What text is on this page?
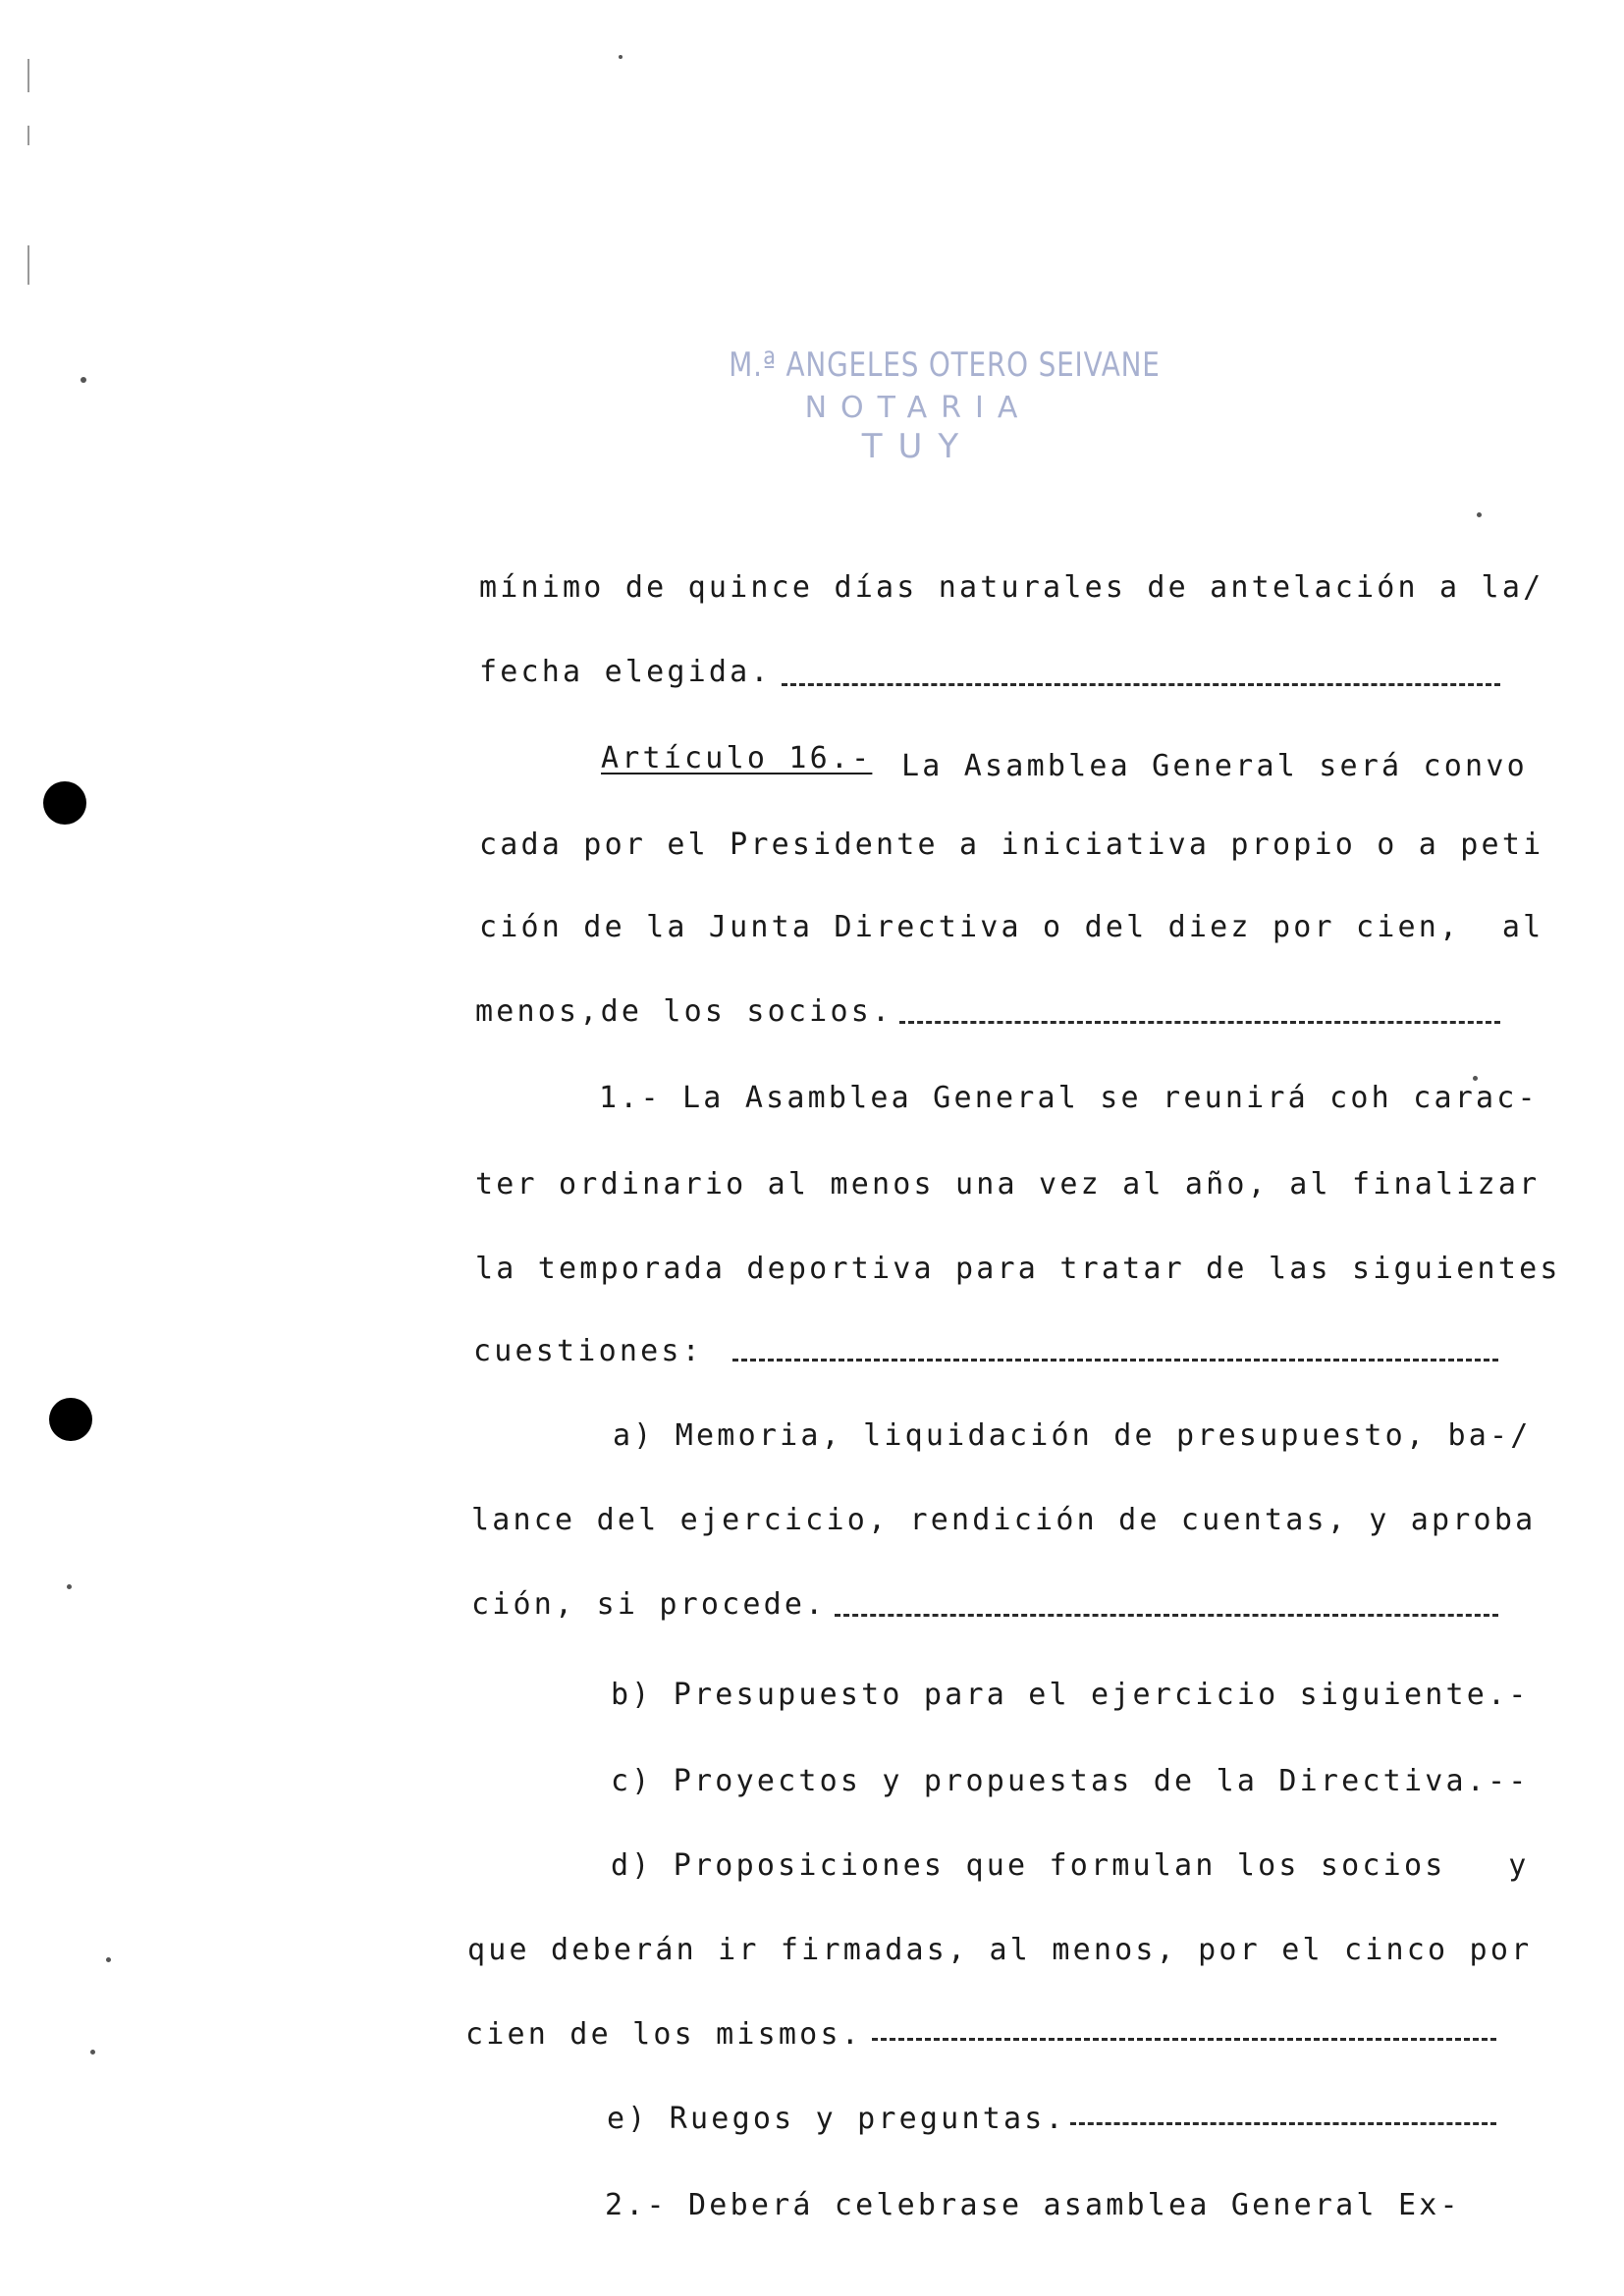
M.ª ANGELES OTERO SEIVANE
NOTARIA
TUY
mínimo de quince días naturales de antelación a la/
fecha elegida.
Artículo 16.- La Asamblea General será convo
cada por el Presidente a iniciativa propio o a peti
ción de la Junta Directiva o del diez por cien,  al
menos,de los socios.
1.- La Asamblea General se reunirá coh carac-
ter ordinario al menos una vez al año, al finalizar
la temporada deportiva para tratar de las siguientes
cuestiones:
a) Memoria, liquidación de presupuesto, ba-/
lance del ejercicio, rendición de cuentas, y aproba
ción, si procede.
b) Presupuesto para el ejercicio siguiente.-
c) Proyectos y propuestas de la Directiva.--
d) Proposiciones que formulan los socios   y
que deberán ir firmadas, al menos, por el cinco por
cien de los mismos.
e) Ruegos y preguntas.
2.- Deberá celebrase asamblea General Ex-
